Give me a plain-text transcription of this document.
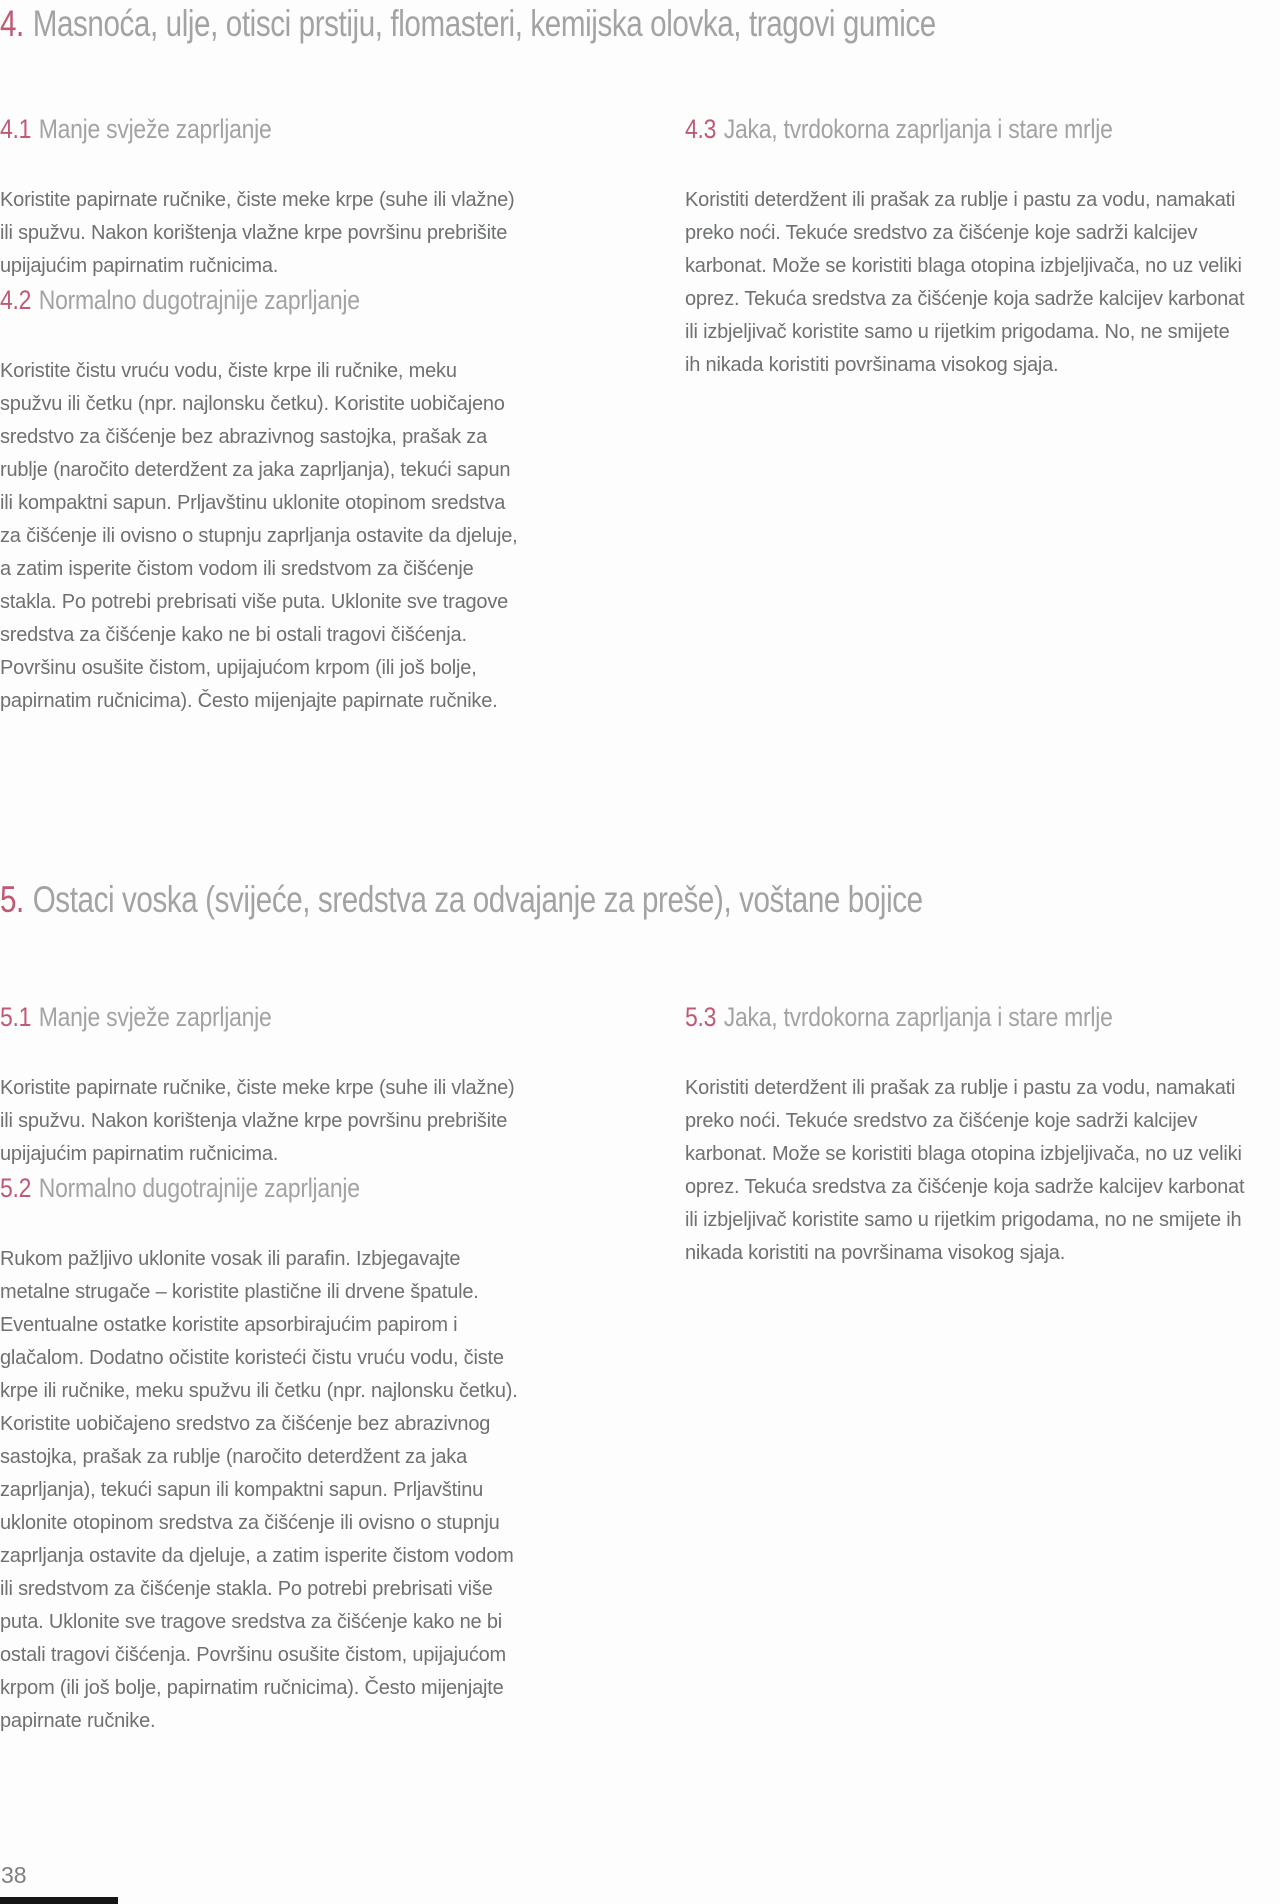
4. Masnoća, ulje, otisci prstiju, flomasteri, kemijska olovka, tragovi gumice
4.1 Manje svježe zaprljanje

Koristite papirnate ručnike, čiste meke krpe (suhe ili vlažne) ili spužvu. Nakon korištenja vlažne krpe površinu prebrišite upijajućim papirnatim ručnicima.

4.2 Normalno dugotrajnije zaprljanje

Koristite čistu vruću vodu, čiste krpe ili ručnike, meku spužvu ili četku (npr. najlonsku četku). Koristite uobičajeno sredstvo za čišćenje bez abrazivnog sastojka, prašak za rublje (naročito deterdžent za jaka zaprljanja), tekući sapun ili kompaktni sapun. Prljavštinu uklonite otopinom sredstva za čišćenje ili ovisno o stupnju zaprljanja ostavite da djeluje, a zatim isperite čistom vodom ili sredstvom za čišćenje stakla. Po potrebi prebrisati više puta. Uklonite sve tragove sredstva za čišćenje kako ne bi ostali tragovi čišćenja. Površinu osušite čistom, upijajućom krpom (ili još bolje, papirnatim ručnicima). Često mijenjajte papirnate ručnike.

4.3 Jaka, tvrdokorna zaprljanja i stare mrlje

Koristiti deterdžent ili prašak za rublje i pastu za vodu, namakati preko noći. Tekuće sredstvo za čišćenje koje sadrži kalcijev karbonat. Može se koristiti blaga otopina izbjeljivača, no uz veliki oprez. Tekuća sredstva za čišćenje koja sadrže kalcijev karbonat ili izbjeljivač koristite samo u rijetkim prigodama. No, ne smijete ih nikada koristiti površinama visokog sjaja.

5. Ostaci voska (svijeće, sredstva za odvajanje za preše), voštane bojice
5.1 Manje svježe zaprljanje

Koristite papirnate ručnike, čiste meke krpe (suhe ili vlažne) ili spužvu. Nakon korištenja vlažne krpe površinu prebrišite upijajućim papirnatim ručnicima.

5.2 Normalno dugotrajnije zaprljanje

Rukom pažljivo uklonite vosak ili parafin. Izbjegavajte metalne strugače – koristite plastične ili drvene špatule. Eventualne ostatke koristite apsorbirajućim papirom i glačalom. Dodatno očistite koristeći čistu vruću vodu, čiste krpe ili ručnike, meku spužvu ili četku (npr. najlonsku četku). Koristite uobičajeno sredstvo za čišćenje bez abrazivnog sastojka, prašak za rublje (naročito deterdžent za jaka zaprljanja), tekući sapun ili kompaktni sapun. Prljavštinu uklonite otopinom sredstva za čišćenje ili ovisno o stupnju zaprljanja ostavite da djeluje, a zatim isperite čistom vodom ili sredstvom za čišćenje stakla. Po potrebi prebrisati više puta. Uklonite sve tragove sredstva za čišćenje kako ne bi ostali tragovi čišćenja. Površinu osušite čistom, upijajućom krpom (ili još bolje, papirnatim ručnicima). Često mijenjajte papirnate ručnike.

5.3 Jaka, tvrdokorna zaprljanja i stare mrlje

Koristiti deterdžent ili prašak za rublje i pastu za vodu, namakati preko noći. Tekuće sredstvo za čišćenje koje sadrži kalcijev karbonat. Može se koristiti blaga otopina izbjeljivača, no uz veliki oprez. Tekuća sredstva za čišćenje koja sadrže kalcijev karbonat ili izbjeljivač koristite samo u rijetkim prigodama, no ne smijete ih nikada koristiti na površinama visokog sjaja.

38
